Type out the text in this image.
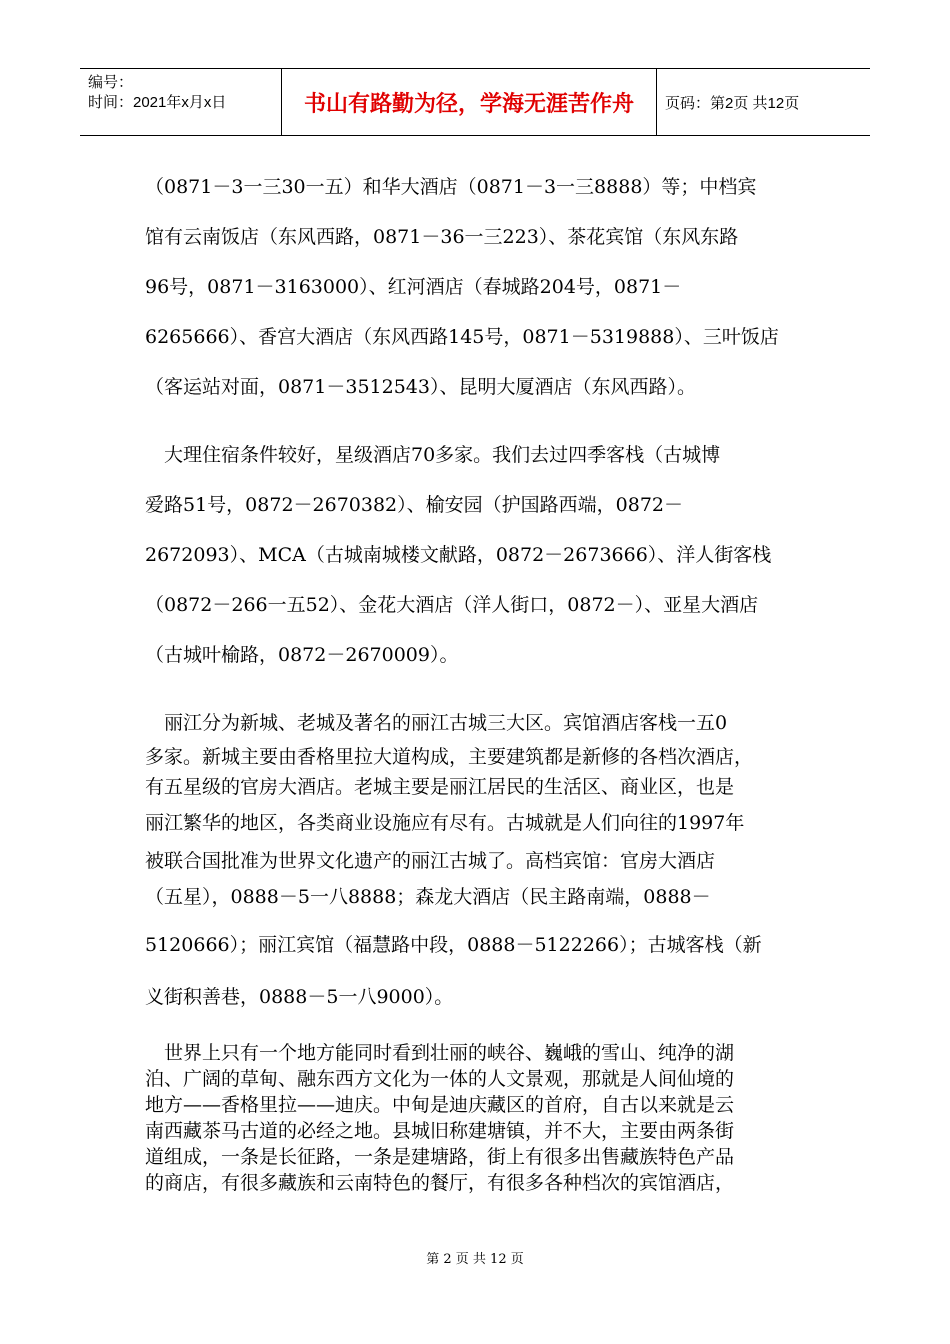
编号：
时间：2021年x月x日	书山有路勤为径，学海无涯苦作舟 页码：第2页 共12页
（0871－3一三30一五）和华大酒店（0871－3一三8888）等；中档宾
馆有云南饭店（东风西路，0871－36一三223）、茶花宾馆（东风东路
96号，0871－3163000）、红河酒店（春城路204号，0871－
6265666）、香宫大酒店（东风西路145号，0871－5319888）、三叶饭店
（客运站对面，0871－3512543）、昆明大厦酒店（东风西路）。
　大理住宿条件较好，星级酒店70多家。我们去过四季客栈（古城博
爱路51号，0872－2670382）、榆安园（护国路西端，0872－
2672093）、MCA（古城南城楼文献路，0872－2673666）、洋人街客栈
（0872－266一五52）、金花大酒店（洋人街口，0872－）、亚星大酒店
（古城叶榆路，0872－2670009）。
　丽江分为新城、老城及著名的丽江古城三大区。宾馆酒店客栈一五0
多家。新城主要由香格里拉大道构成，主要建筑都是新修的各档次酒店，
有五星级的官房大酒店。老城主要是丽江居民的生活区、商业区，也是
丽江繁华的地区，各类商业设施应有尽有。古城就是人们向往的1997年
被联合国批准为世界文化遗产的丽江古城了。高档宾馆：官房大酒店
（五星），0888－5一八8888；森龙大酒店（民主路南端，0888－
5120666）；丽江宾馆（福慧路中段，0888－5122266）；古城客栈（新
义街积善巷，0888－5一八9000）。
　世界上只有一个地方能同时看到壮丽的峡谷、巍峨的雪山、纯净的湖
泊、广阔的草甸、融东西方文化为一体的人文景观，那就是人间仙境的
地方——香格里拉——迪庆。中甸是迪庆藏区的首府，自古以来就是云
南西藏茶马古道的必经之地。县城旧称建塘镇，并不大，主要由两条街
道组成，一条是长征路，一条是建塘路，街上有很多出售藏族特色产品
的商店，有很多藏族和云南特色的餐厅，有很多各种档次的宾馆酒店，
第 2 页 共 12 页
